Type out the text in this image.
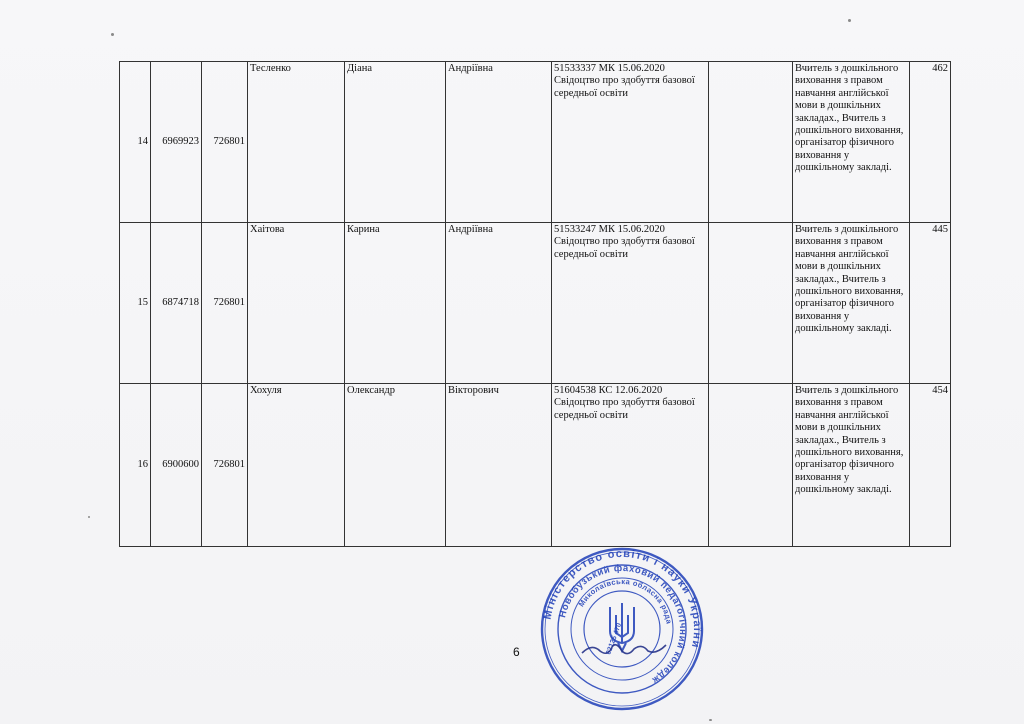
14	6969923	726801	Тесленко	Діана	Андріївна	51533337 МК 15.06.2020
Свідоцтво про здобуття базової середньої освіти		Вчитель з дошкільного виховання з правом навчання англійської мови в дошкільних закладах., Вчитель з дошкільного виховання, організатор фізичного виховання у дошкільному закладі.	462
15	6874718	726801	Хаітова	Карина	Андріївна	51533247 МК 15.06.2020
Свідоцтво про здобуття базової середньої освіти		Вчитель з дошкільного виховання з правом навчання англійської мови в дошкільних закладах., Вчитель з дошкільного виховання, організатор фізичного виховання у дошкільному закладі.	445
16	6900600	726801	Хохуля	Олександр	Вікторович	51604538 КС 12.06.2020
Свідоцтво про здобуття базової середньої освіти		Вчитель з дошкільного виховання з правом навчання англійської мови в дошкільних закладах., Вчитель з дошкільного виховання, організатор фізичного виховання у дошкільному закладі.	454
6
Міністерство освіти і науки України
Новобузький фаховий педагогічний коледж
Миколаївська обласна рада
02125 470
